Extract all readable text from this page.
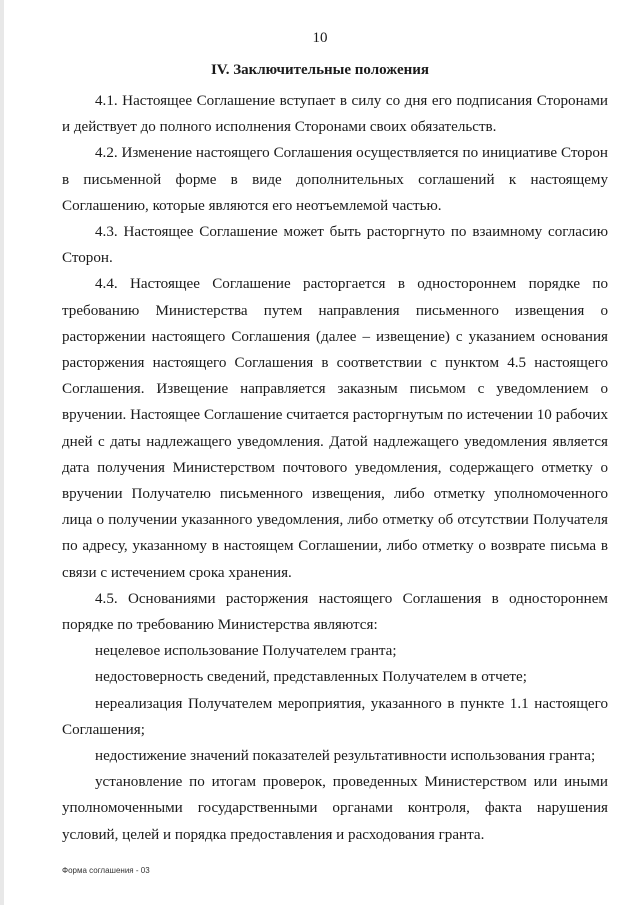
10
IV. Заключительные положения

4.1. Настоящее Соглашение вступает в силу со дня его подписания Сторонами и действует до полного исполнения Сторонами своих обязательств.

4.2. Изменение настоящего Соглашения осуществляется по инициативе Сторон в письменной форме в виде дополнительных соглашений к настоящему Соглашению, которые являются его неотъемлемой частью.

4.3. Настоящее Соглашение может быть расторгнуто по взаимному согласию Сторон.

4.4. Настоящее Соглашение расторгается в одностороннем порядке по требованию Министерства путем направления письменного извещения о расторжении настоящего Соглашения (далее – извещение) с указанием основания расторжения настоящего Соглашения в соответствии с пунктом 4.5 настоящего Соглашения. Извещение направляется заказным письмом с уведомлением о вручении. Настоящее Соглашение считается расторгнутым по истечении 10 рабочих дней с даты надлежащего уведомления. Датой надлежащего уведомления является дата получения Министерством почтового уведомления, содержащего отметку о вручении Получателю письменного извещения, либо отметку уполномоченного лица о получении указанного уведомления, либо отметку об отсутствии Получателя по адресу, указанному в настоящем Соглашении, либо отметку о возврате письма в связи с истечением срока хранения.

4.5. Основаниями расторжения настоящего Соглашения в одностороннем порядке по требованию Министерства являются:

нецелевое использование Получателем гранта;

недостоверность сведений, представленных Получателем в отчете;

нереализация Получателем мероприятия, указанного в пункте 1.1 настоящего Соглашения;

недостижение значений показателей результативности использования гранта;

установление по итогам проверок, проведенных Министерством или иными уполномоченными государственными органами контроля, факта нарушения условий, целей и порядка предоставления и расходования гранта.

Форма соглашения - 03
